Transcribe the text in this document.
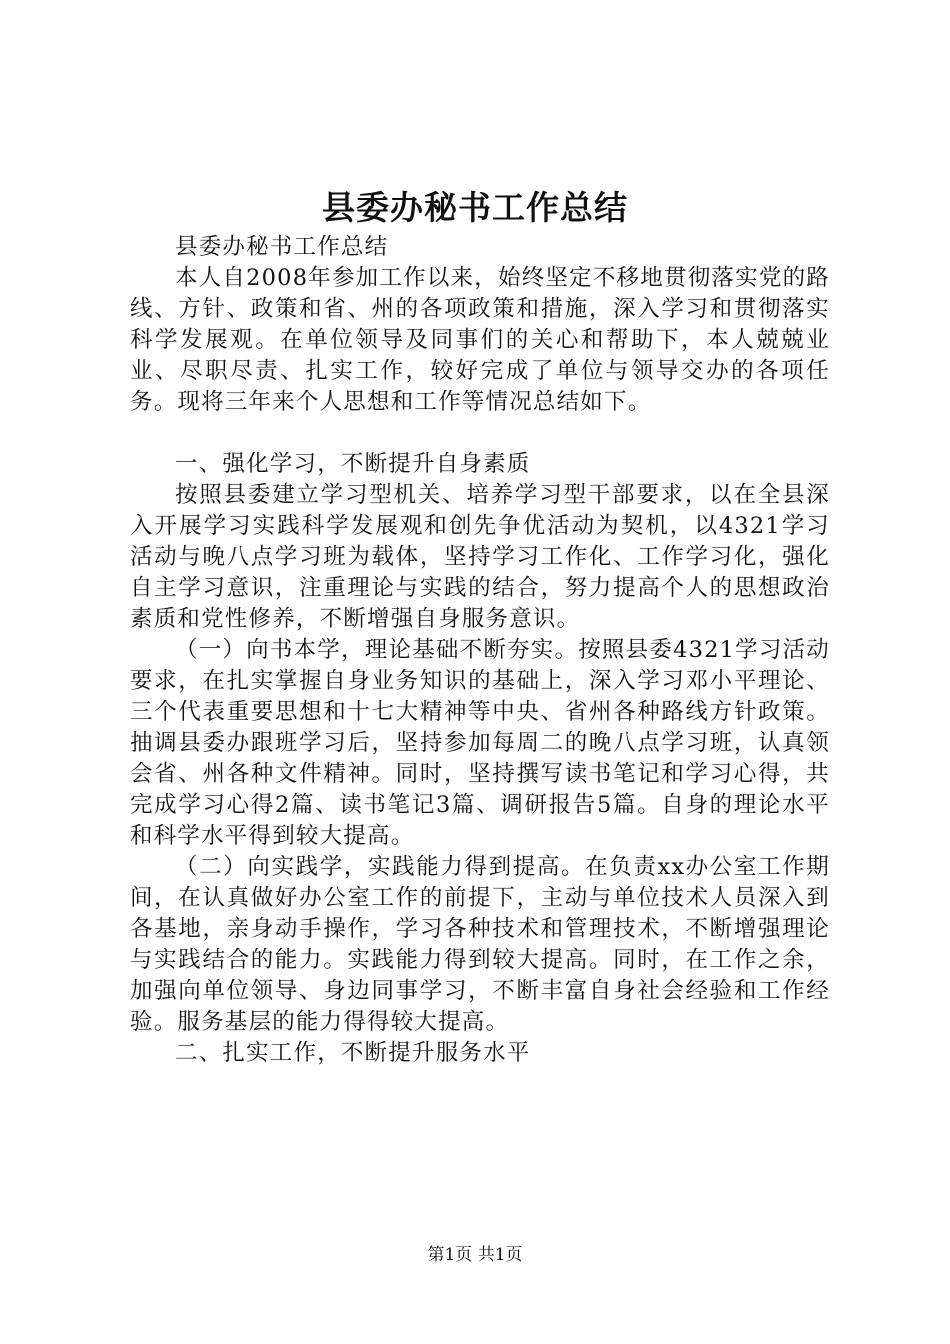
县委办秘书工作总结

县委办秘书工作总结

本人自2008年参加工作以来，始终坚定不移地贯彻落实党的路线、方针、政策和省、州的各项政策和措施，深入学习和贯彻落实科学发展观。在单位领导及同事们的关心和帮助下，本人兢兢业业、尽职尽责、扎实工作，较好完成了单位与领导交办的各项任务。现将三年来个人思想和工作等情况总结如下。

一、强化学习，不断提升自身素质

按照县委建立学习型机关、培养学习型干部要求，以在全县深入开展学习实践科学发展观和创先争优活动为契机，以4321学习活动与晚八点学习班为载体，坚持学习工作化、工作学习化，强化自主学习意识，注重理论与实践的结合，努力提高个人的思想政治素质和党性修养，不断增强自身服务意识。

（一）向书本学，理论基础不断夯实。按照县委4321学习活动要求，在扎实掌握自身业务知识的基础上，深入学习邓小平理论、三个代表重要思想和十七大精神等中央、省州各种路线方针政策。抽调县委办跟班学习后，坚持参加每周二的晚八点学习班，认真领会省、州各种文件精神。同时，坚持撰写读书笔记和学习心得，共完成学习心得2篇、读书笔记3篇、调研报告5篇。自身的理论水平和科学水平得到较大提高。

（二）向实践学，实践能力得到提高。在负责xx办公室工作期间，在认真做好办公室工作的前提下，主动与单位技术人员深入到各基地，亲身动手操作，学习各种技术和管理技术，不断增强理论与实践结合的能力。实践能力得到较大提高。同时，在工作之余，加强向单位领导、身边同事学习，不断丰富自身社会经验和工作经验。服务基层的能力得得较大提高。

二、扎实工作，不断提升服务水平

第1页 共1页
